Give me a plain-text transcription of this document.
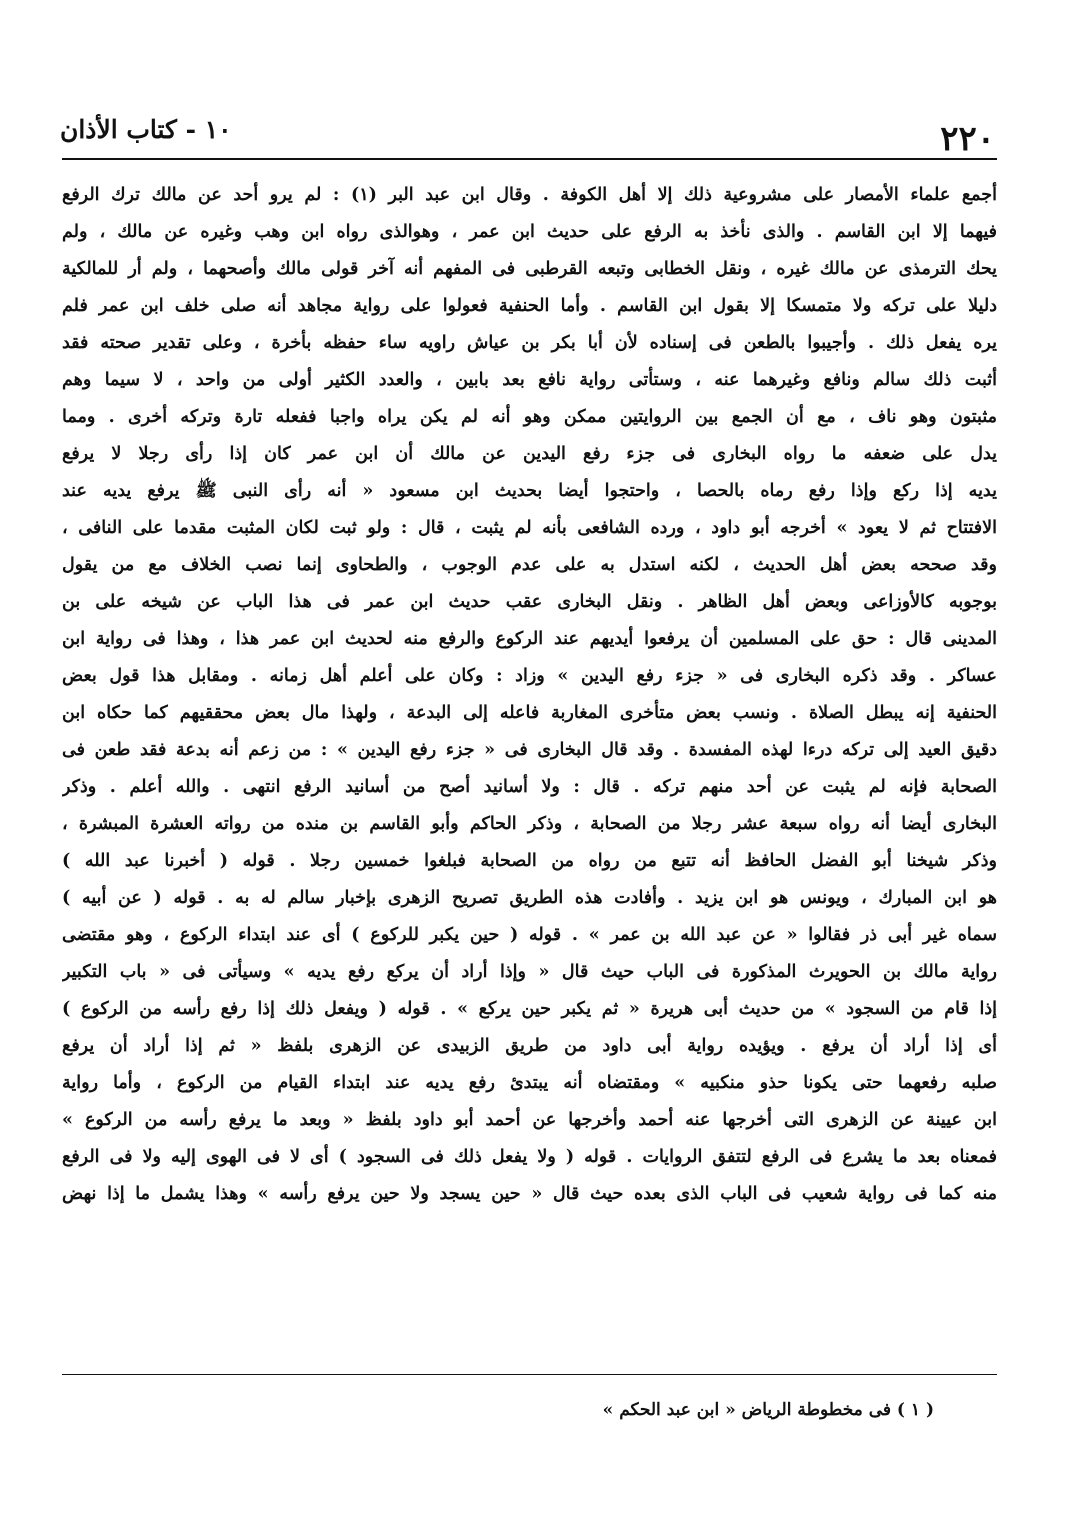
٢٢٠
١٠ - كتاب الأذان
أجمع علماء الأمصار على مشروعية ذلك إلا أهل الكوفة . وقال ابن عبد البر (١) : لم يرو أحد عن مالك ترك الرفع
فيهما إلا ابن القاسم . والذى نأخذ به الرفع على حديث ابن عمر ، وهوالذى رواه ابن وهب وغيره عن مالك ، ولم
يحك الترمذى عن مالك غيره ، ونقل الخطابى وتبعه القرطبى فى المفهم أنه آخر قولى مالك وأصحهما ، ولم أر للمالكية
دليلا على تركه ولا متمسكا إلا بقول ابن القاسم . وأما الحنفية فعولوا على رواية مجاهد أنه صلى خلف ابن عمر فلم
يره يفعل ذلك . وأجيبوا بالطعن فى إسناده لأن أبا بكر بن عياش راويه ساء حفظه بأخرة ، وعلى تقدير صحته فقد
أثبت ذلك سالم ونافع وغيرهما عنه ، وستأتى رواية نافع بعد بابين ، والعدد الكثير أولى من واحد ، لا سيما وهم
مثبتون وهو ناف ، مع أن الجمع بين الروايتين ممكن وهو أنه لم يكن يراه واجبا ففعله تارة وتركه أخرى . ومما
يدل على ضعفه ما رواه البخارى فى جزء رفع اليدين عن مالك أن ابن عمر كان إذا رأى رجلا لا يرفع
يديه إذا ركع وإذا رفع رماه بالحصا ، واحتجوا أيضا بحديث ابن مسعود « أنه رأى النبى ﷺ يرفع يديه عند
الافتتاح ثم لا يعود » أخرجه أبو داود ، ورده الشافعى بأنه لم يثبت ، قال : ولو ثبت لكان المثبت مقدما على النافى ،
وقد صححه بعض أهل الحديث ، لكنه استدل به على عدم الوجوب ، والطحاوى إنما نصب الخلاف مع من يقول
بوجوبه كالأوزاعى وبعض أهل الظاهر . ونقل البخارى عقب حديث ابن عمر فى هذا الباب عن شيخه على بن
المدينى قال : حق على المسلمين أن يرفعوا أيديهم عند الركوع والرفع منه لحديث ابن عمر هذا ، وهذا فى رواية ابن
عساكر . وقد ذكره البخارى فى « جزء رفع اليدين » وزاد : وكان على أعلم أهل زمانه . ومقابل هذا قول بعض
الحنفية إنه يبطل الصلاة . ونسب بعض متأخرى المغاربة فاعله إلى البدعة ، ولهذا مال بعض محققيهم كما حكاه ابن
دقيق العيد إلى تركه درءا لهذه المفسدة . وقد قال البخارى فى « جزء رفع اليدين » : من زعم أنه بدعة فقد طعن فى
الصحابة فإنه لم يثبت عن أحد منهم تركه . قال : ولا أسانيد أصح من أسانيد الرفع انتهى . والله أعلم . وذكر
البخارى أيضا أنه رواه سبعة عشر رجلا من الصحابة ، وذكر الحاكم وأبو القاسم بن منده من رواته العشرة المبشرة ،
وذكر شيخنا أبو الفضل الحافظ أنه تتبع من رواه من الصحابة فبلغوا خمسين رجلا . قوله ( أخبرنا عبد الله )
هو ابن المبارك ، ويونس هو ابن يزيد . وأفادت هذه الطريق تصريح الزهرى بإخبار سالم له به . قوله ( عن أبيه )
سماه غير أبى ذر فقالوا « عن عبد الله بن عمر » . قوله ( حين يكبر للركوع ) أى عند ابتداء الركوع ، وهو مقتضى
رواية مالك بن الحويرث المذكورة فى الباب حيث قال « وإذا أراد أن يركع رفع يديه » وسيأتى فى « باب التكبير
إذا قام من السجود » من حديث أبى هريرة « ثم يكبر حين يركع » . قوله ( ويفعل ذلك إذا رفع رأسه من الركوع )
أى إذا أراد أن يرفع . ويؤيده رواية أبى داود من طريق الزبيدى عن الزهرى بلفظ « ثم إذا أراد أن يرفع
صلبه رفعهما حتى يكونا حذو منكبيه » ومقتضاه أنه يبتدئ رفع يديه عند ابتداء القيام من الركوع ، وأما رواية
ابن عيينة عن الزهرى التى أخرجها عنه أحمد وأخرجها عن أحمد أبو داود بلفظ « وبعد ما يرفع رأسه من الركوع »
فمعناه بعد ما يشرع فى الرفع لتتفق الروايات . قوله ( ولا يفعل ذلك فى السجود ) أى لا فى الهوى إليه ولا فى الرفع
منه كما فى رواية شعيب فى الباب الذى بعده حيث قال « حين يسجد ولا حين يرفع رأسه » وهذا يشمل ما إذا نهض
( ١ ) فى مخطوطة الرياض « ابن عبد الحكم »
